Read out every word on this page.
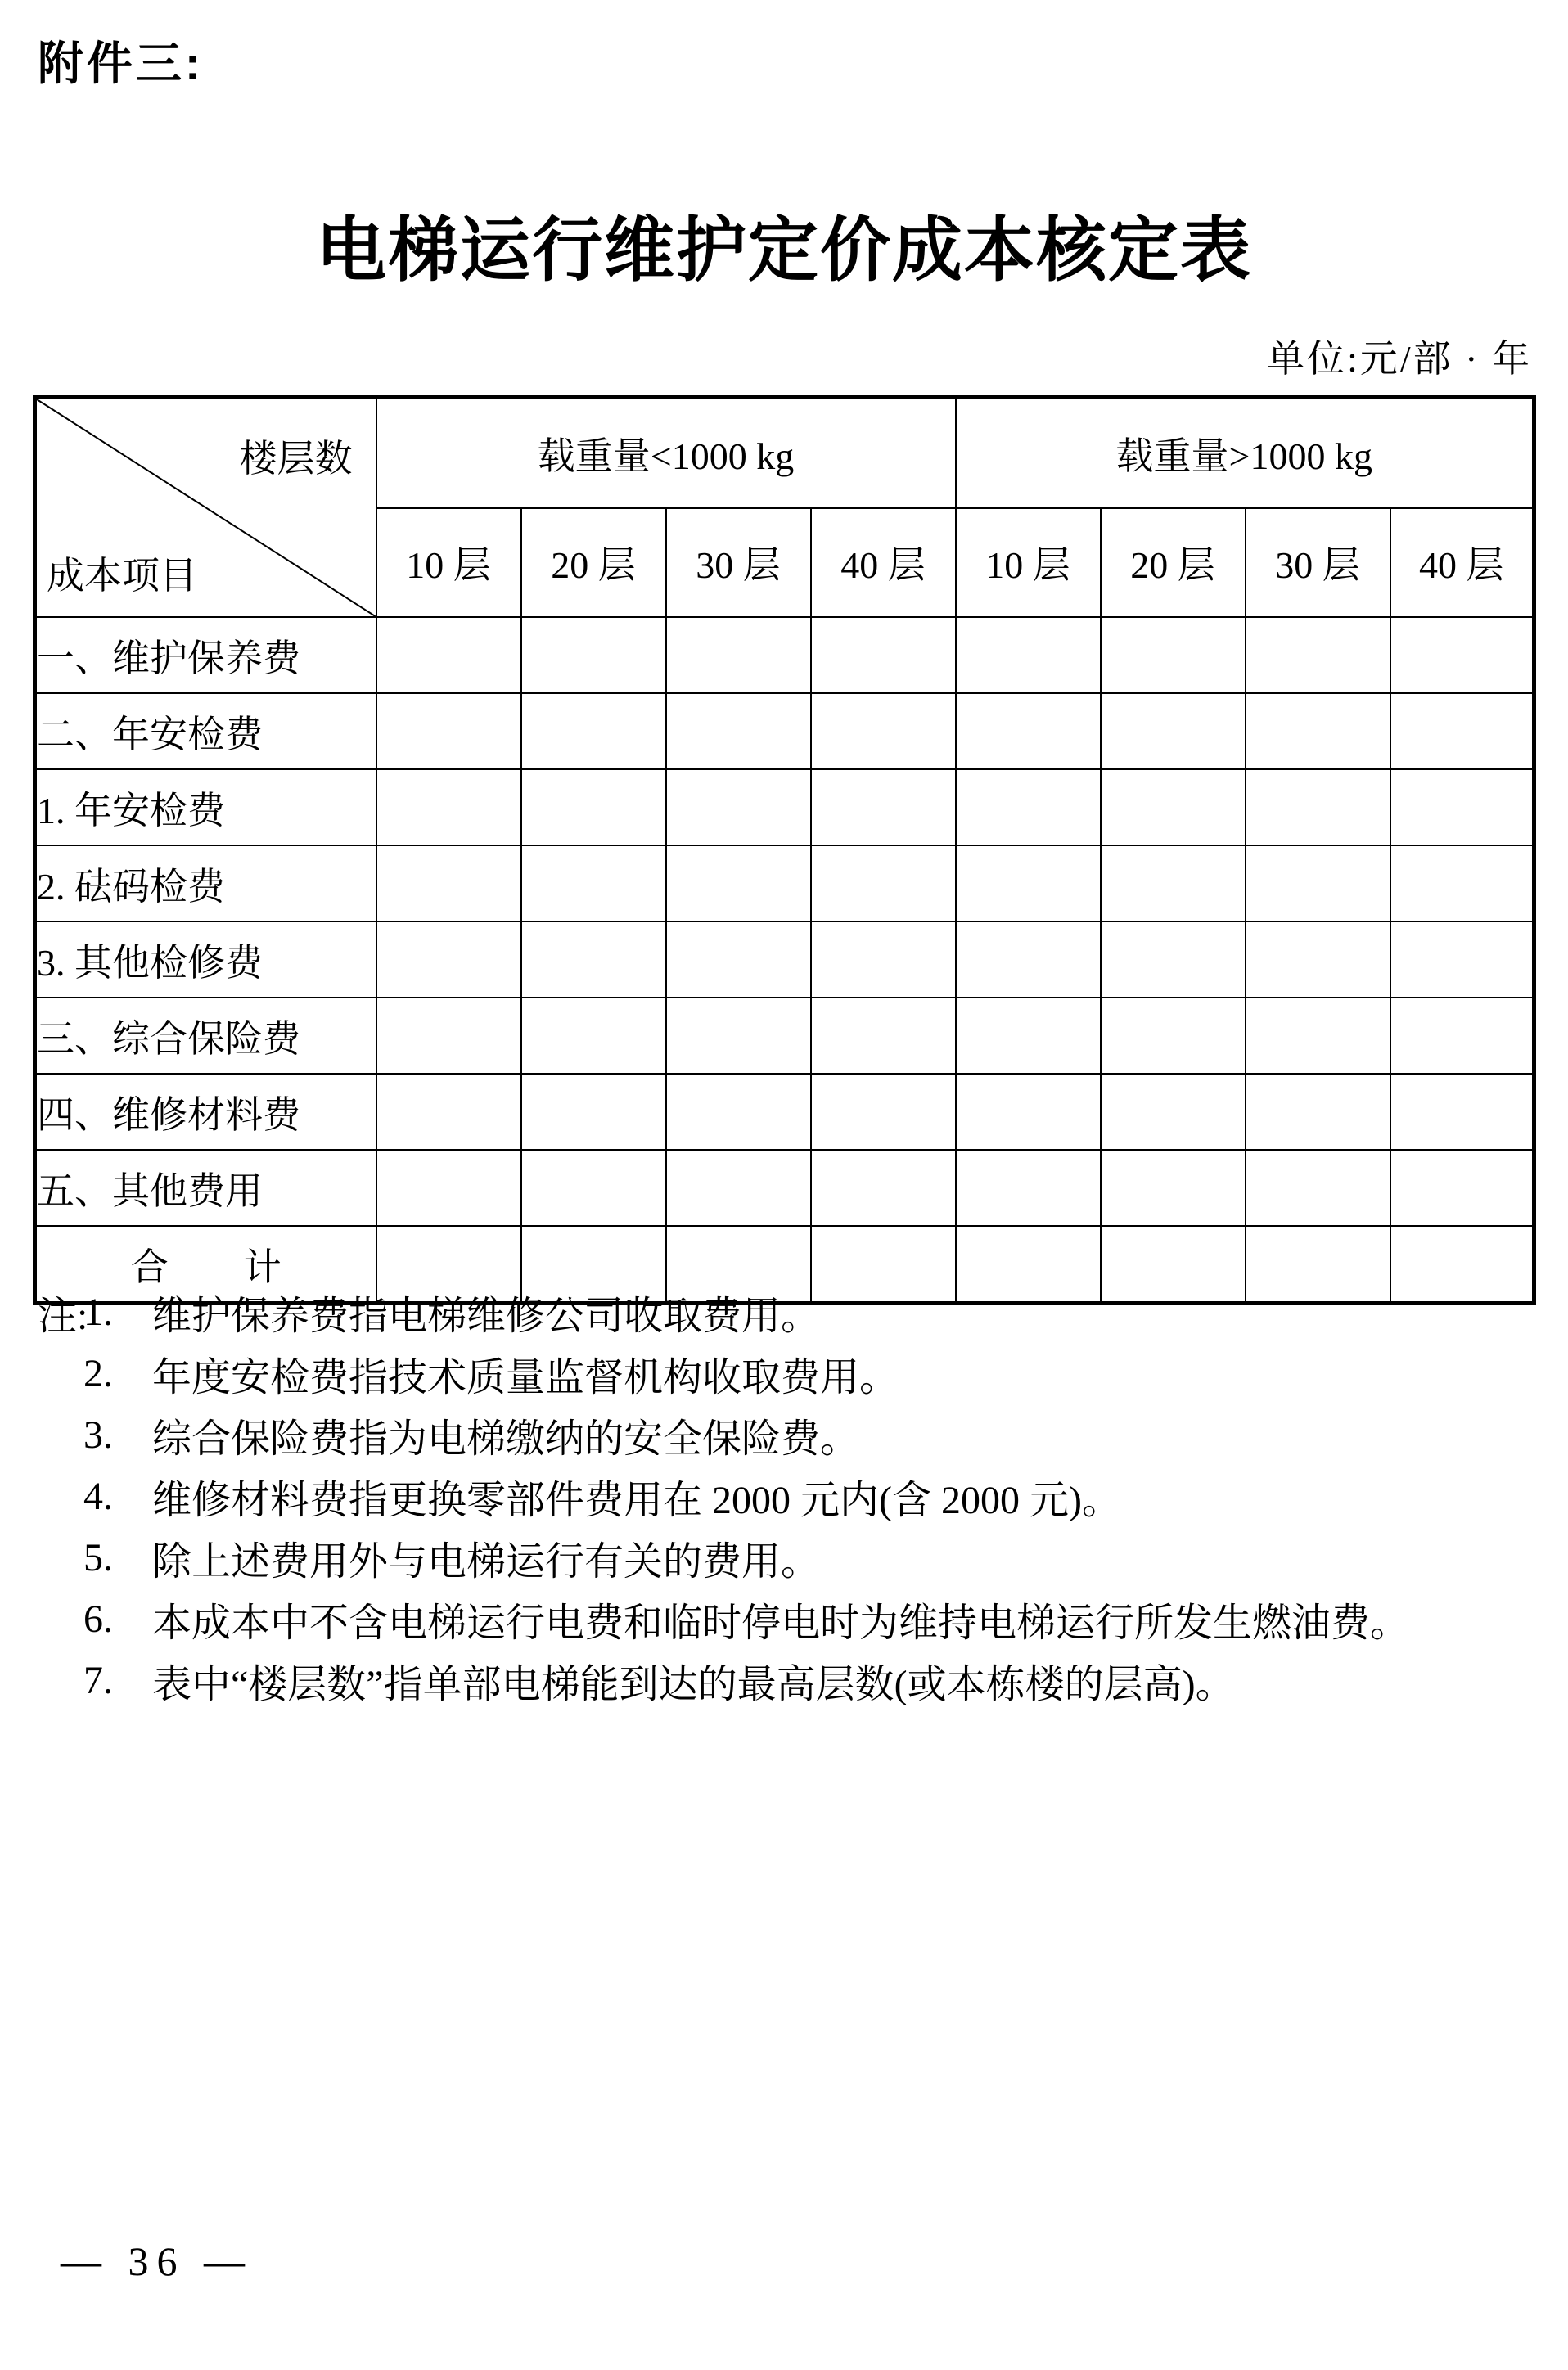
附件三:
电梯运行维护定价成本核定表
单位:元/部 · 年

楼层数

成本项目	载重量<1000 kg				载重量>1000 kg			
	10 层	20 层	30 层	40 层	10 层	20 层	30 层	40 层
一、维护保养费								
二、年安检费								
1. 年安检费								
2. 砝码检费								
3. 其他检修费								
三、综合保险费								
四、维修材料费								
五、其他费用								
合　　计								
注:
1.	维护保养费指电梯维修公司收取费用。
2.	年度安检费指技术质量监督机构收取费用。
3.	综合保险费指为电梯缴纳的安全保险费。
4.	维修材料费指更换零部件费用在 2000 元内(含 2000 元)。
5.	除上述费用外与电梯运行有关的费用。
6.	本成本中不含电梯运行电费和临时停电时为维持电梯运行所发生燃油费。
7.	表中“楼层数”指单部电梯能到达的最高层数(或本栋楼的层高)。
— 36 —
